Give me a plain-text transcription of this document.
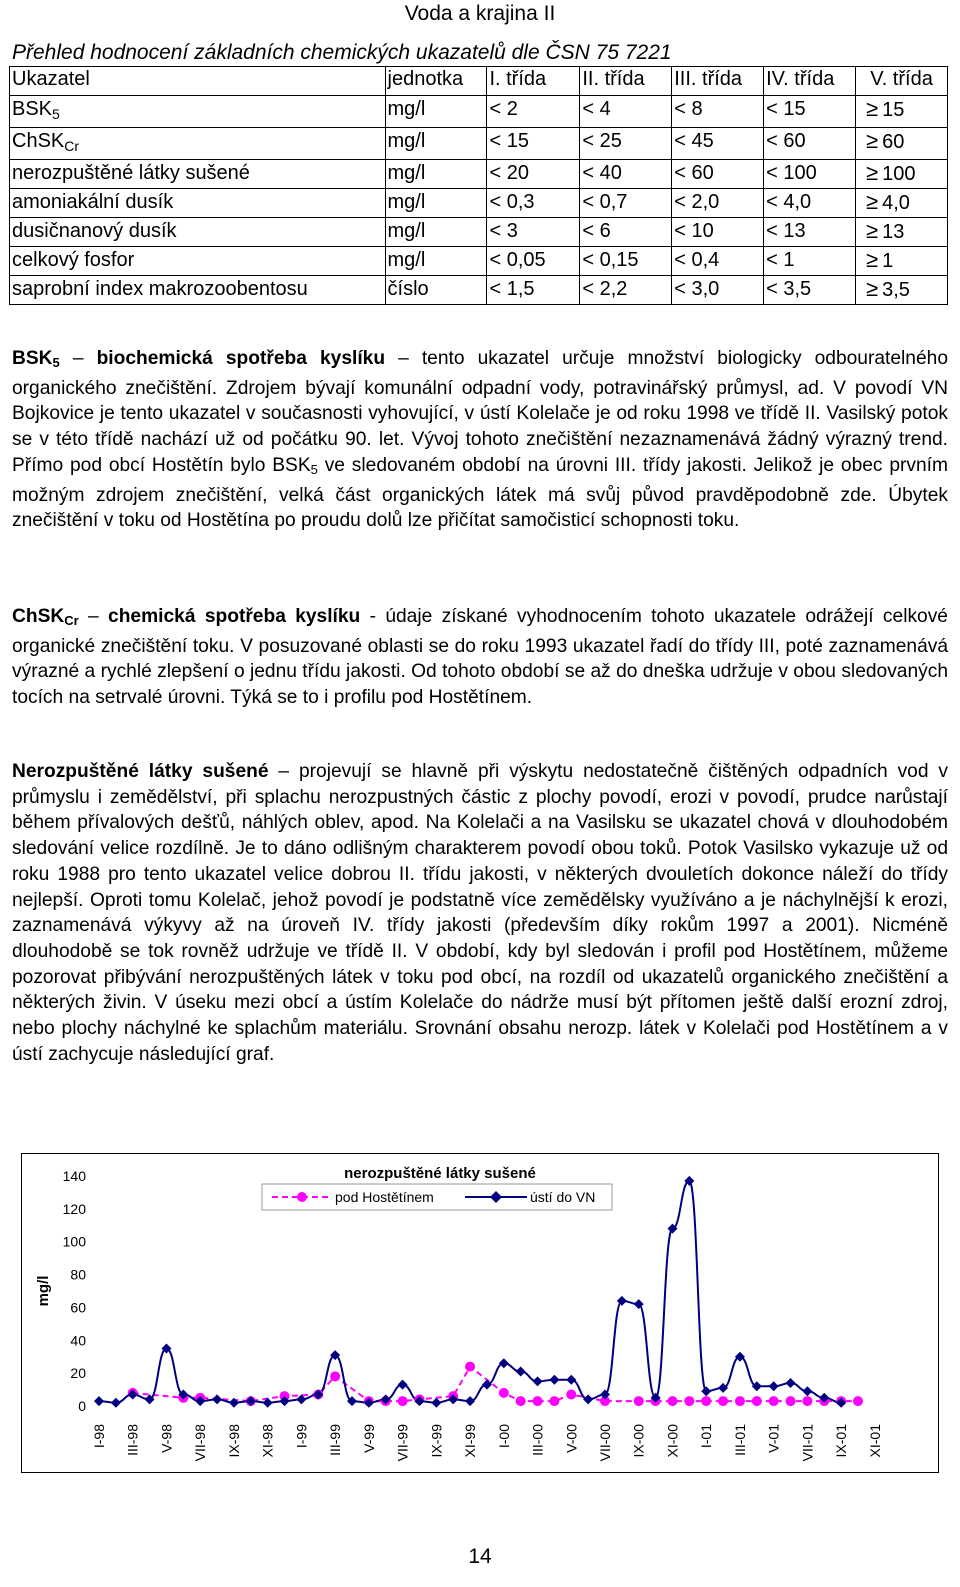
Voda a krajina II
Přehled hodnocení základních chemických ukazatelů dle ČSN 75 7221
Ukazatel	jednotka	I. třída	II. třída	III. třída	IV. třída	V. třída
$BSK_5$	mg/l	< 2	< 4	< 8	< 15	≥ 15
ChSK$_{Cr}$	mg/l	< 15	< 25	< 45	< 60	≥ 60
nerozpuštěné látky sušené	mg/l	< 20	< 40	< 60	< 100	≥ 100
amoniakální dusík	mg/l	< 0,3	< 0,7	< 2,0	< 4,0	≥ 4,0
dusičnanový dusík	mg/l	< 3	< 6	< 10	< 13	≥ 13
celkový fosfor	mg/l	< 0,05	< 0,15	< 0,4	< 1	≥ 1
saprobní index makrozoobentosu	číslo	< 1,5	< 2,2	< 3,0	< 3,5	≥ 3,5

BSK5 – biochemická spotřeba kyslíku – tento ukazatel určuje množství biologicky odbouratelného organického znečištění. Zdrojem bývají komunální odpadní vody, potravinářský průmysl, ad. V povodí VN Bojkovice je tento ukazatel v současnosti vyhovující, v ústí Kolelače je od roku 1998 ve třídě II. Vasilský potok se v této třídě nachází už od počátku 90. let. Vývoj tohoto znečištění nezaznamenává žádný výrazný trend. Přímo pod obcí Hostětín bylo BSK5 ve sledovaném období na úrovni III. třídy jakosti. Jelikož je obec prvním možným zdrojem znečištění, velká část organických látek má svůj původ pravděpodobně zde. Úbytek znečištění v toku od Hostětína po proudu dolů lze přičítat samočisticí schopnosti toku.

ChSKCr – chemická spotřeba kyslíku - údaje získané vyhodnocením tohoto ukazatele odrážejí celkové organické znečištění toku. V posuzované oblasti se do roku 1993 ukazatel řadí do třídy III, poté zaznamenává výrazné a rychlé zlepšení o jednu třídu jakosti. Od tohoto období se až do dneška udržuje v obou sledovaných tocích na setrvalé úrovni. Týká se to i profilu pod Hostětínem.

Nerozpuštěné látky sušené – projevují se hlavně při výskytu nedostatečně čištěných odpadních vod v průmyslu i zemědělství, při splachu nerozpustných částic z plochy povodí, erozi v povodí, prudce narůstají během přívalových dešťů, náhlých oblev, apod. Na Kolelači a na Vasilsku se ukazatel chová v dlouhodobém sledování velice rozdílně. Je to dáno odlišným charakterem povodí obou toků. Potok Vasilsko vykazuje už od roku 1988 pro tento ukazatel velice dobrou II. třídu jakosti, v některých dvouletích dokonce náleží do třídy nejlepší. Oproti tomu Kolelač, jehož povodí je podstatně více zemědělsky využíváno a je náchylnější k erozi, zaznamenává výkyvy až na úroveň IV. třídy jakosti (především díky rokům 1997 a 2001). Nicméně dlouhodobě se tok rovněž udržuje ve třídě II. V období, kdy byl sledován i profil pod Hostětínem, můžeme pozorovat přibývání nerozpuštěných látek v toku pod obcí, na rozdíl od ukazatelů organického znečištění a některých živin. V úseku mezi obcí a ústím Kolelače do nádrže musí být přítomen ještě další erozní zdroj, nebo plochy náchylné ke splachům materiálu. Srovnání obsahu nerozp. látek v Kolelači pod Hostětínem a v ústí zachycuje následující graf.

0
20
40
60
80
100
120
140
mg/l
nerozpuštěné látky sušené
pod Hostětínem	ústí do VN
I-98 III-98 V-98 VII-98 IX-98 XI-98 I-99 III-99 V-99 VII-99 IX-99 XI-99 I-00 III-00 V-00 VII-00 IX-00 XI-00 I-01 III-01 V-01 VII-01 IX-01 XI-01
14
